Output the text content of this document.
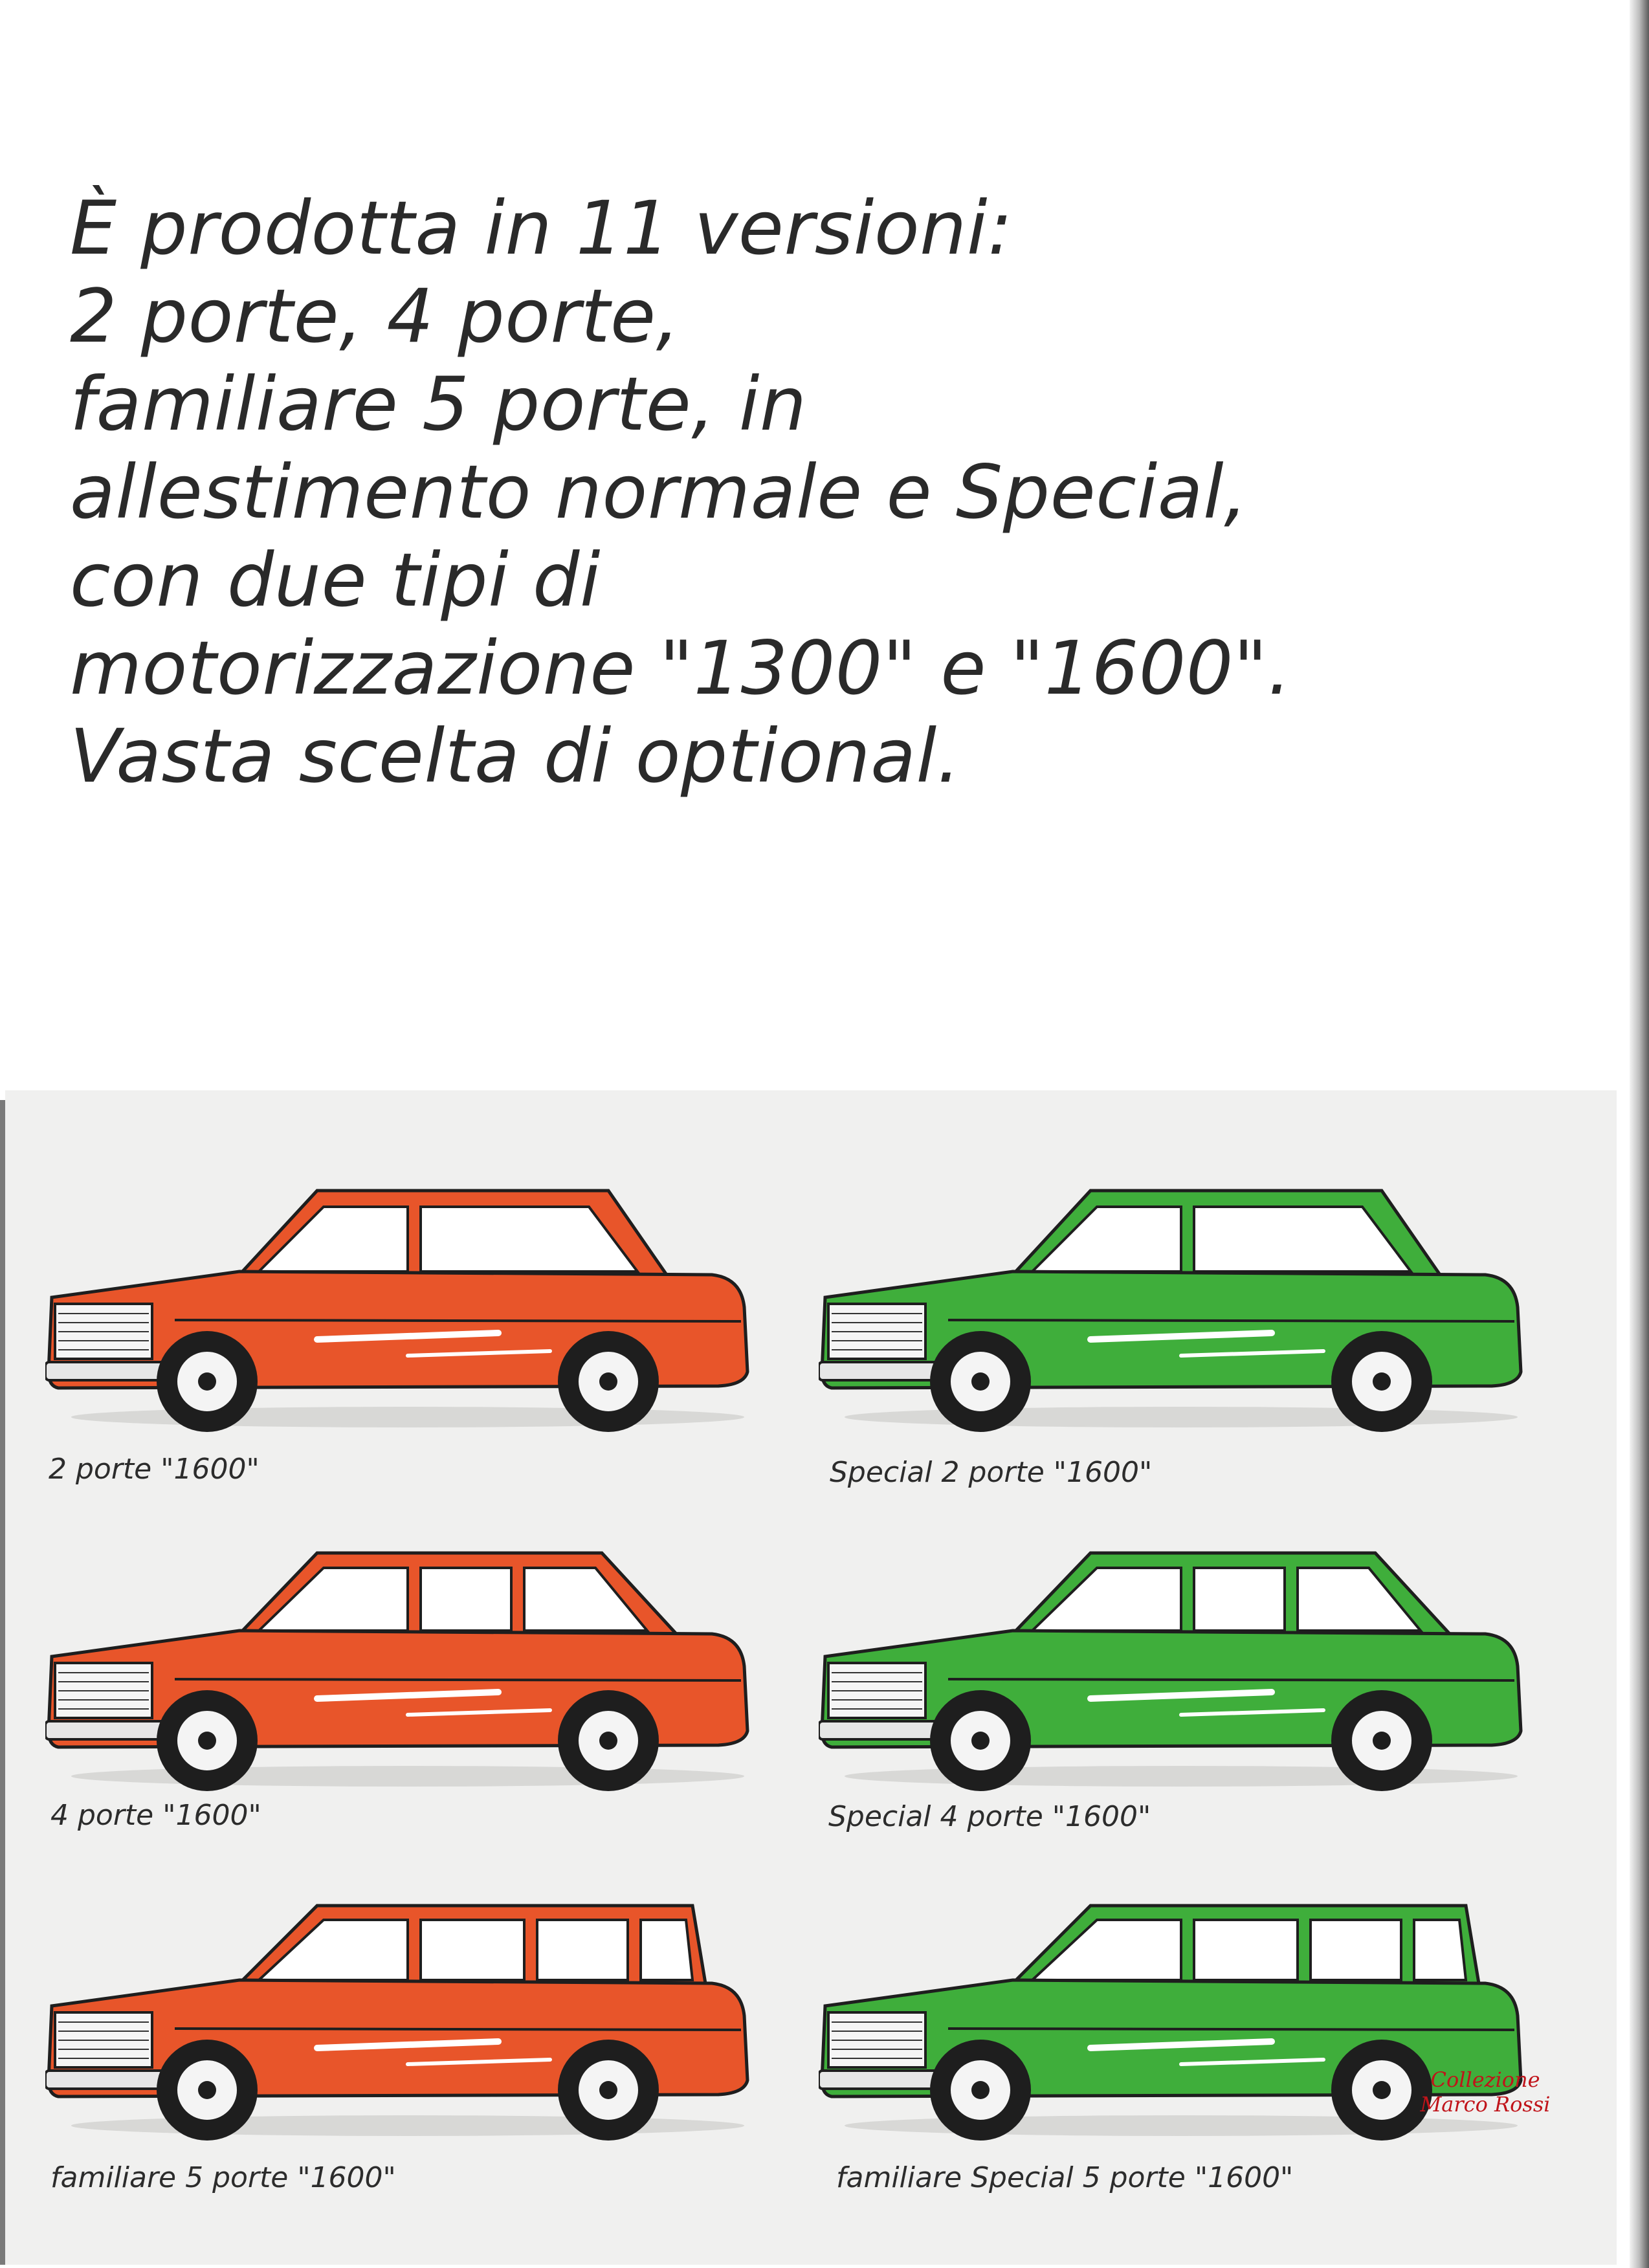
È prodotta in 11 versioni:
2 porte, 4 porte,
familiare 5 porte, in
allestimento normale e Special,
con due tipi di
motorizzazione "1300" e "1600".
Vasta scelta di optional.
2 porte "1600"	Special 2 porte "1600"
4 porte "1600"	Special 4 porte "1600"
familiare 5 porte "1600"	familiare Special 5 porte "1600"
Collezione
Marco Rossi
